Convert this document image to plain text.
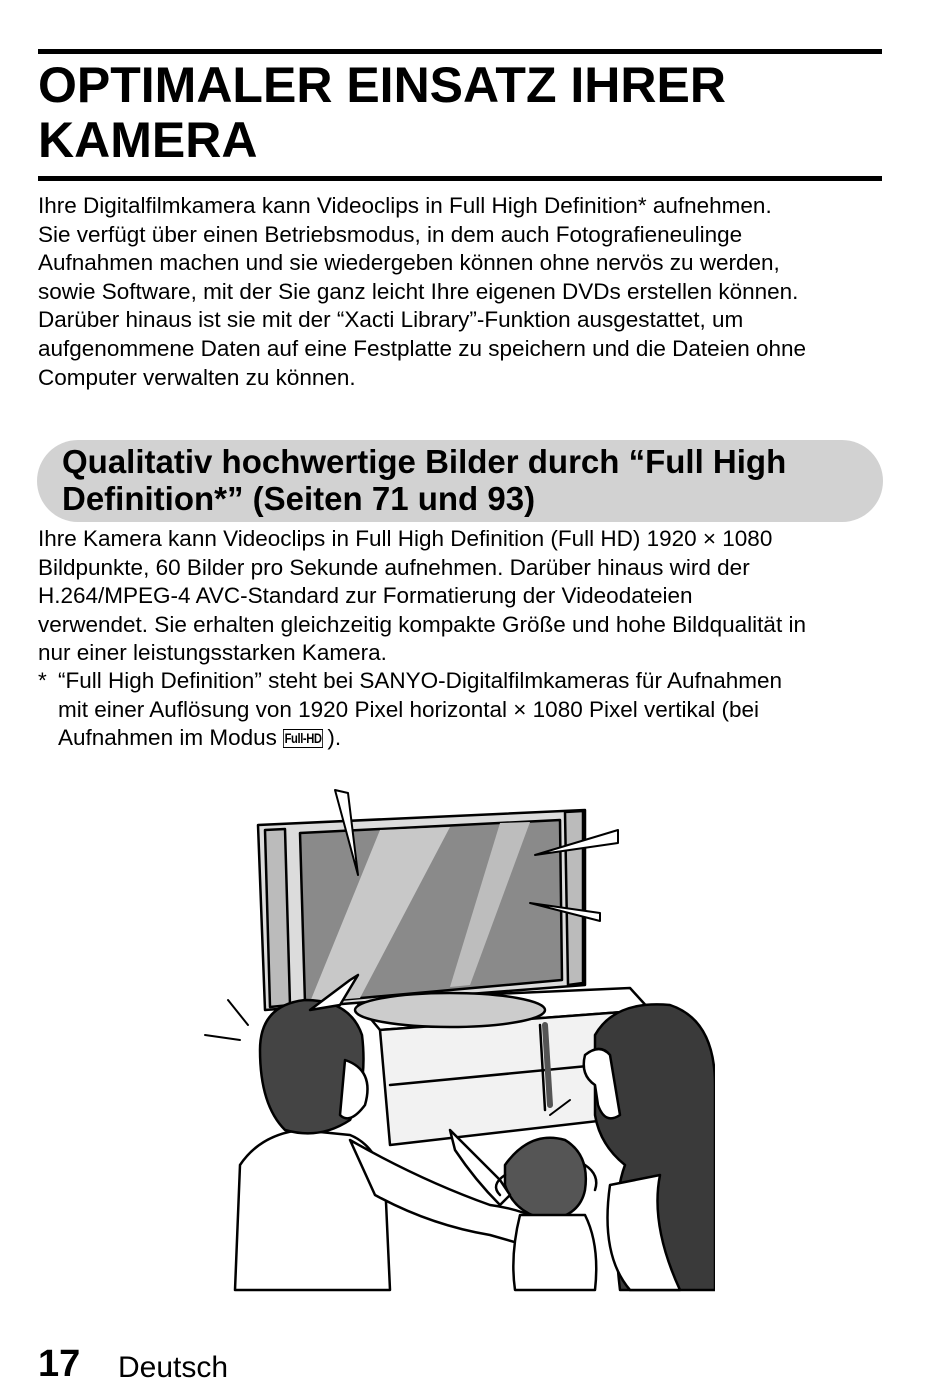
OPTIMALER EINSATZ IHRER
KAMERA

Ihre Digitalfilmkamera kann Videoclips in Full High Definition* aufnehmen.
Sie verfügt über einen Betriebsmodus, in dem auch Fotografieneulinge
Aufnahmen machen und sie wiedergeben können ohne nervös zu werden,
sowie Software, mit der Sie ganz leicht Ihre eigenen DVDs erstellen können.
Darüber hinaus ist sie mit der “Xacti Library”-Funktion ausgestattet, um
aufgenommene Daten auf eine Festplatte zu speichern und die Dateien ohne
Computer verwalten zu können.

Qualitativ hochwertige Bilder durch “Full High
Definition*” (Seiten 71 und 93)

Ihre Kamera kann Videoclips in Full High Definition (Full HD) 1920 × 1080
Bildpunkte, 60 Bilder pro Sekunde aufnehmen. Darüber hinaus wird der
H.264/MPEG-4 AVC-Standard zur Formatierung der Videodateien
verwendet. Sie erhalten gleichzeitig kompakte Größe und hohe Bildqualität in
nur einer leistungsstarken Kamera.

* “Full High Definition” steht bei SANYO-Digitalfilmkameras für Aufnahmen
mit einer Auflösung von 1920 Pixel horizontal × 1080 Pixel vertikal (bei
Aufnahmen im Modus Full-HD ).

17 Deutsch
